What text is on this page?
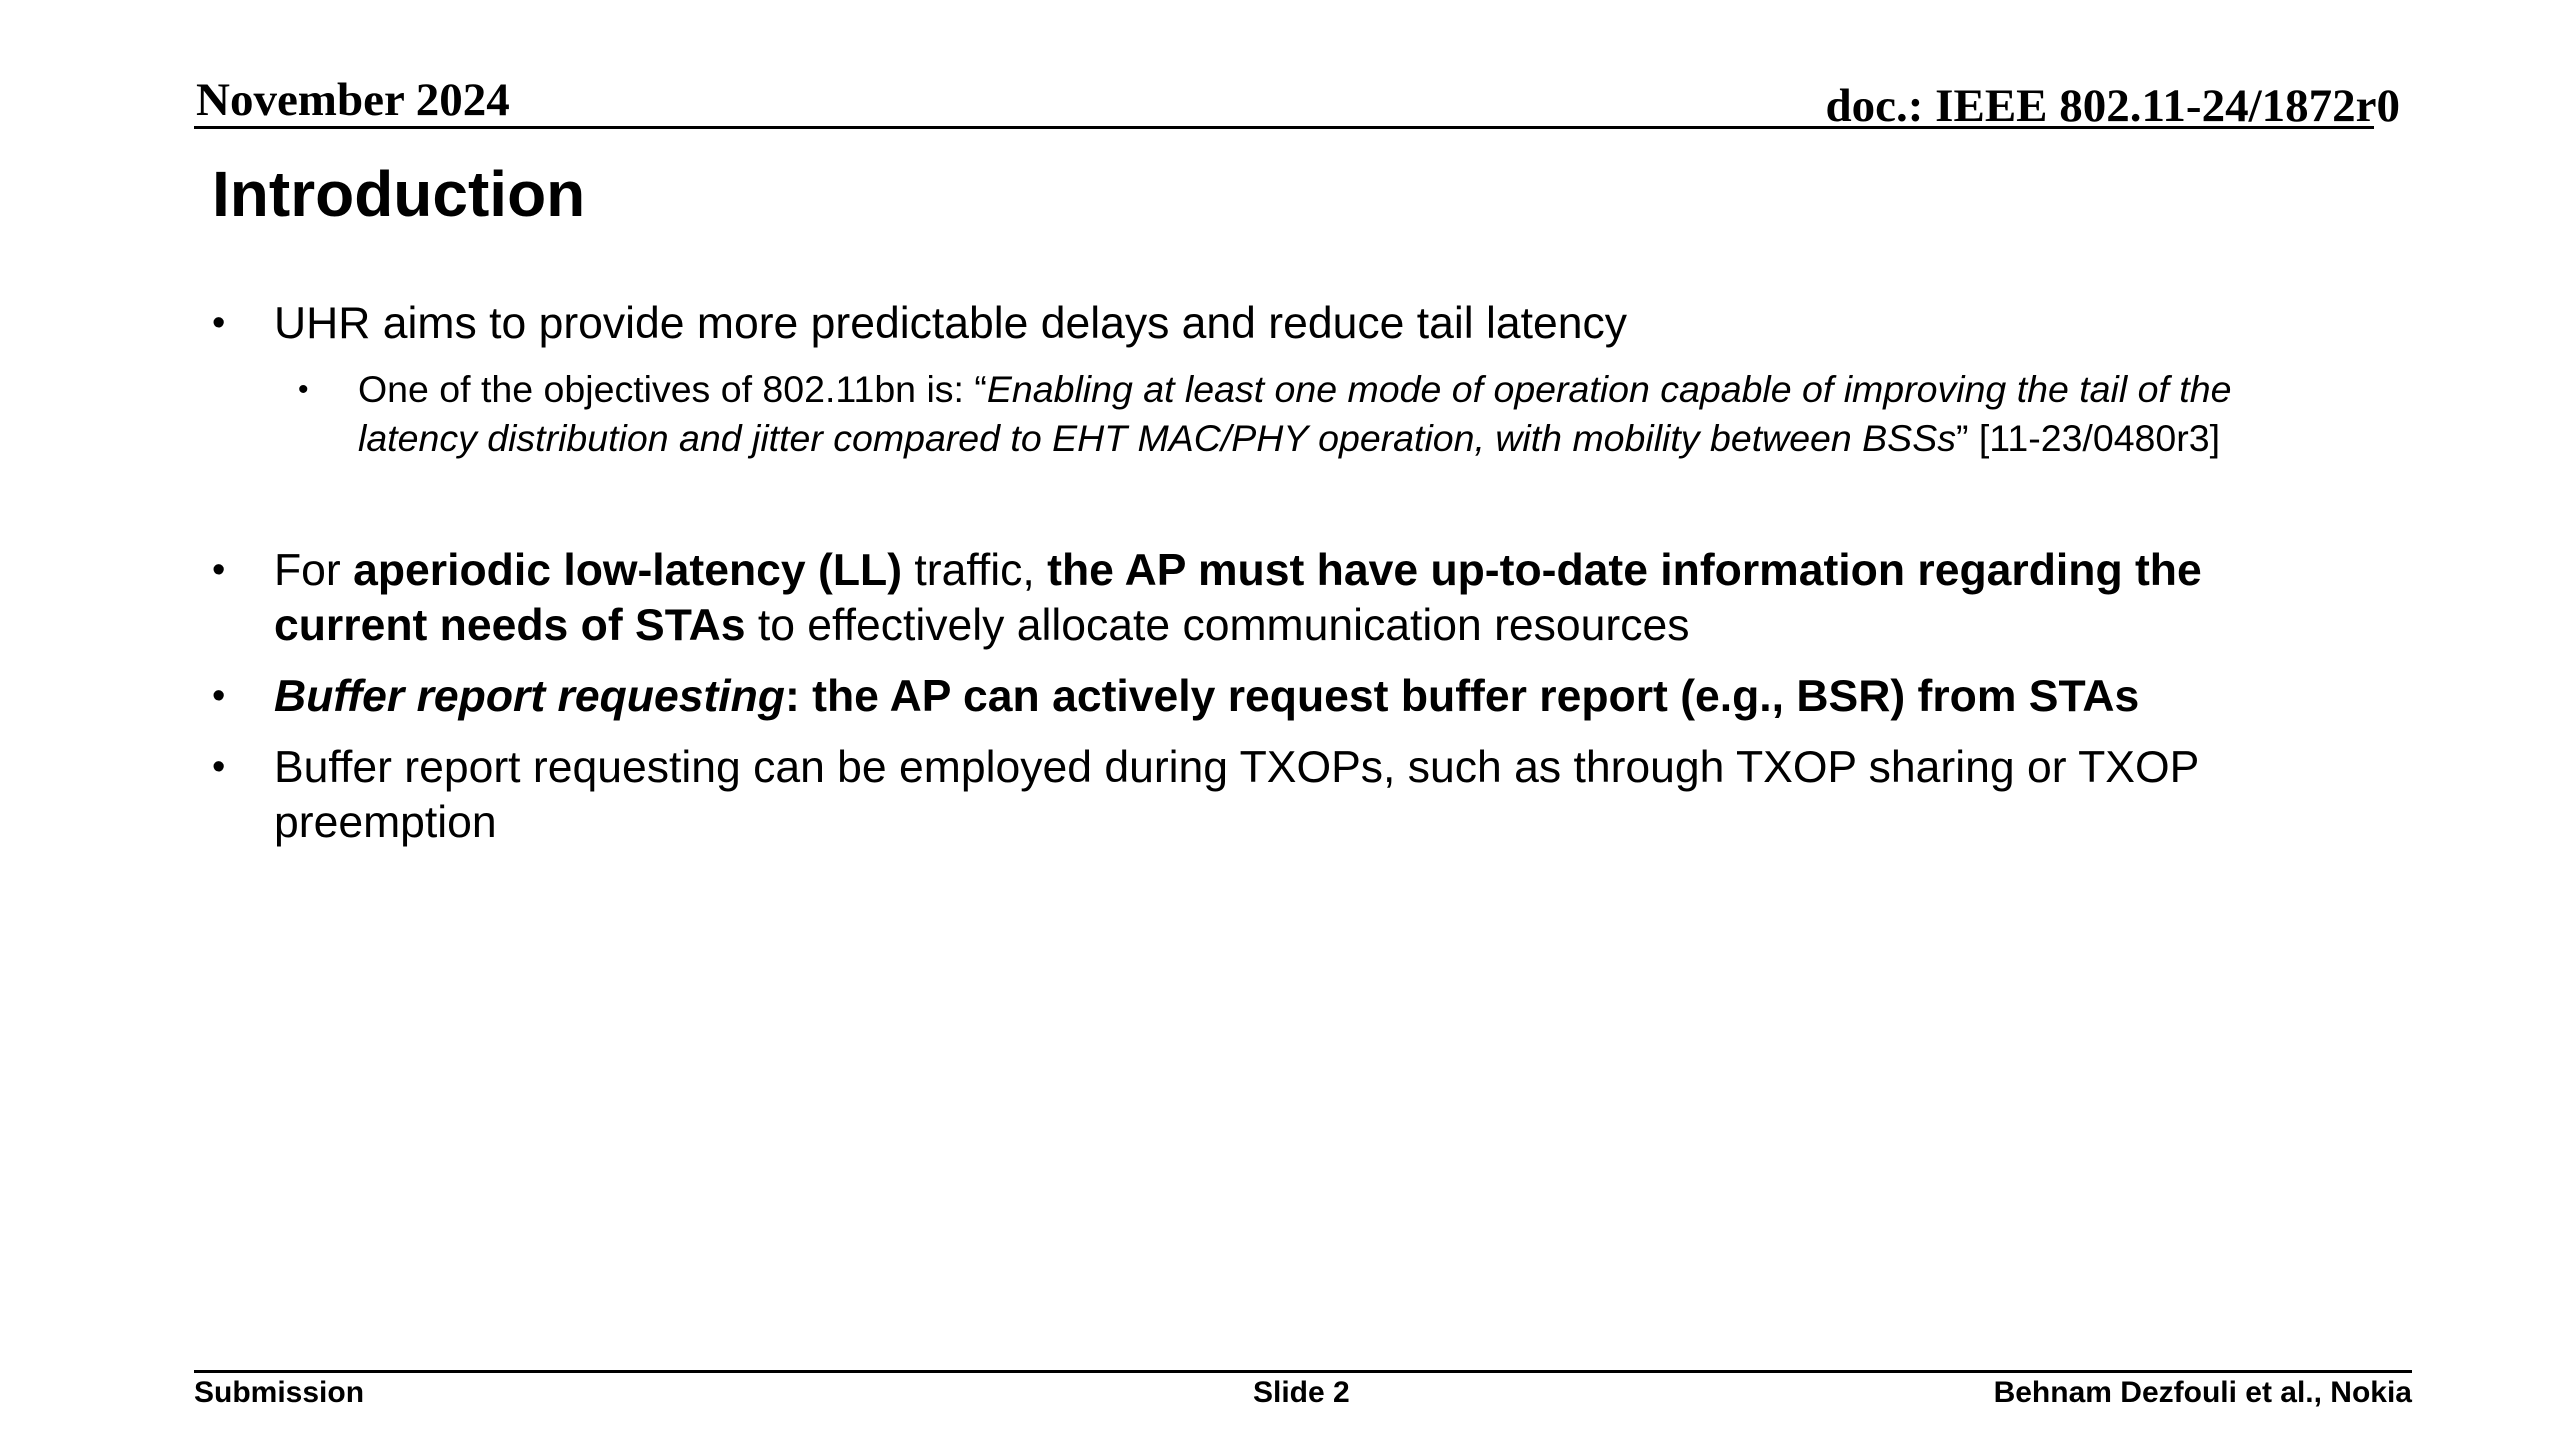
November 2024	doc.: IEEE 802.11-24/1872r0
Introduction
• UHR aims to provide more predictable delays and reduce tail latency
• One of the objectives of 802.11bn is: “Enabling at least one mode of operation capable of improving the tail of the latency distribution and jitter compared to EHT MAC/PHY operation, with mobility between BSSs” [11-23/0480r3]
• For aperiodic low-latency (LL) traffic, the AP must have up-to-date information regarding the current needs of STAs to effectively allocate communication resources
• Buffer report requesting: the AP can actively request buffer report (e.g., BSR) from STAs
• Buffer report requesting can be employed during TXOPs, such as through TXOP sharing or TXOP preemption
Submission	Slide 2	Behnam Dezfouli et al., Nokia
